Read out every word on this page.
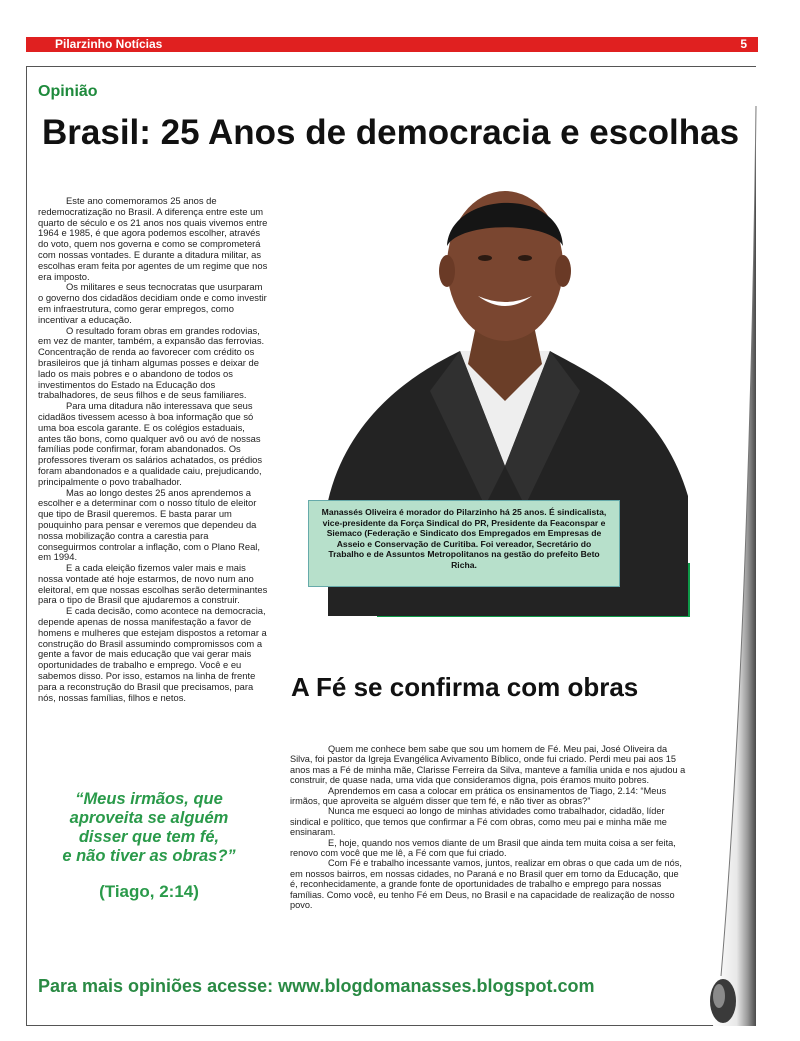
Pilarzinho Notícias	5
Opinião
Brasil: 25 Anos de democracia e escolhas

Este ano comemoramos 25 anos de redemocratização no Brasil. A diferença entre este um quarto de século e os 21 anos nos quais vivemos entre 1964 e 1985, é que agora podemos escolher, através do voto, quem nos governa e como se comprometerá com nossas vontades. E durante a ditadura militar, as escolhas eram feita por agentes de um regime que nos era imposto.

Os militares e seus tecnocratas que usurparam o governo dos cidadãos decidiam onde e como investir em infraestrutura, como gerar empregos, como incentivar a educação.

O resultado foram obras em grandes rodovias, em vez de manter, também, a expansão das ferrovias. Concentração de renda ao favorecer com crédito os brasileiros que já tinham algumas posses e deixar de lado os mais pobres e o abandono de todos os investimentos do Estado na Educação dos trabalhadores, de seus filhos e de seus familiares.

Para uma ditadura não interessava que seus cidadãos tivessem acesso à boa informação que só uma boa escola garante. E os colégios estaduais, antes tão bons, como qualquer avô ou avó de nossas famílias pode confirmar, foram abandonados. Os professores tiveram os salários achatados, os prédios foram abandonados e a qualidade caiu, prejudicando, principalmente o povo trabalhador.

Mas ao longo destes 25 anos aprendemos a escolher e a determinar com o nosso título de eleitor que tipo de Brasil queremos. E basta parar um pouquinho para pensar e veremos que dependeu da nossa mobilização contra a carestia para conseguirmos controlar a inflação, com o Plano Real, em 1994.

E a cada eleição fizemos valer mais e mais nossa vontade até hoje estarmos, de novo num ano eleitoral, em que nossas escolhas serão determinantes para o tipo de Brasil que ajudaremos a construir.

E cada decisão, como acontece na democracia, depende apenas de nossa manifestação a favor de homens e mulheres que estejam dispostos a retomar a construção do Brasil assumindo compromissos com a gente a favor de mais educação que vai gerar mais oportunidades de trabalho e emprego. Você e eu sabemos disso. Por isso, estamos na linha de frente para a reconstrução do Brasil que precisamos, para nós, nossas famílias, filhos e netos.

Manassés Oliveira é morador do Pilarzinho há 25 anos. É sindicalista, vice-presidente da Força Sindical do PR, Presidente da Feaconspar e Siemaco (Federação e Sindicato dos Empregados em Empresas de Asseio e Conservação de Curitiba. Foi vereador, Secretário do Trabalho e de Assuntos Metropolitanos na gestão do prefeito Beto Richa.
A Fé se confirma com obras
“Meus irmãos, que
aproveita se alguém
disser que tem fé,
e não tiver as obras?”
(Tiago, 2:14)

Quem me conhece bem sabe que sou um homem de Fé. Meu pai, José Oliveira da Silva, foi pastor da Igreja Evangélica Avivamento Bíblico, onde fui criado. Perdi meu pai aos 15 anos mas a Fé de minha mãe, Clarisse Ferreira da Silva, manteve a família unida e nos ajudou a construir, de quase nada, uma vida que consideramos digna, pois éramos muito pobres.

Aprendemos em casa a colocar em prática os ensinamentos de Tiago, 2.14: “Meus irmãos, que aproveita se alguém disser que tem fé, e não tiver as obras?”

Nunca me esqueci ao longo de minhas atividades como trabalhador, cidadão, líder sindical e político, que temos que confirmar a Fé com obras, como meu pai e minha mãe me ensinaram.

E, hoje, quando nos vemos diante de um Brasil que ainda tem muita coisa a ser feita, renovo com você que me lê, a Fé com que fui criado.

Com Fé e trabalho incessante vamos, juntos, realizar em obras o que cada um de nós, em nossos bairros, em nossas cidades, no Paraná e no Brasil quer em torno da Educação, que é, reconhecidamente, a grande fonte de oportunidades de trabalho e emprego para nossas famílias. Como você, eu tenho Fé em Deus, no Brasil e na capacidade de realização de nosso povo.

Para mais opiniões acesse: www.blogdomanasses.blogspot.com
